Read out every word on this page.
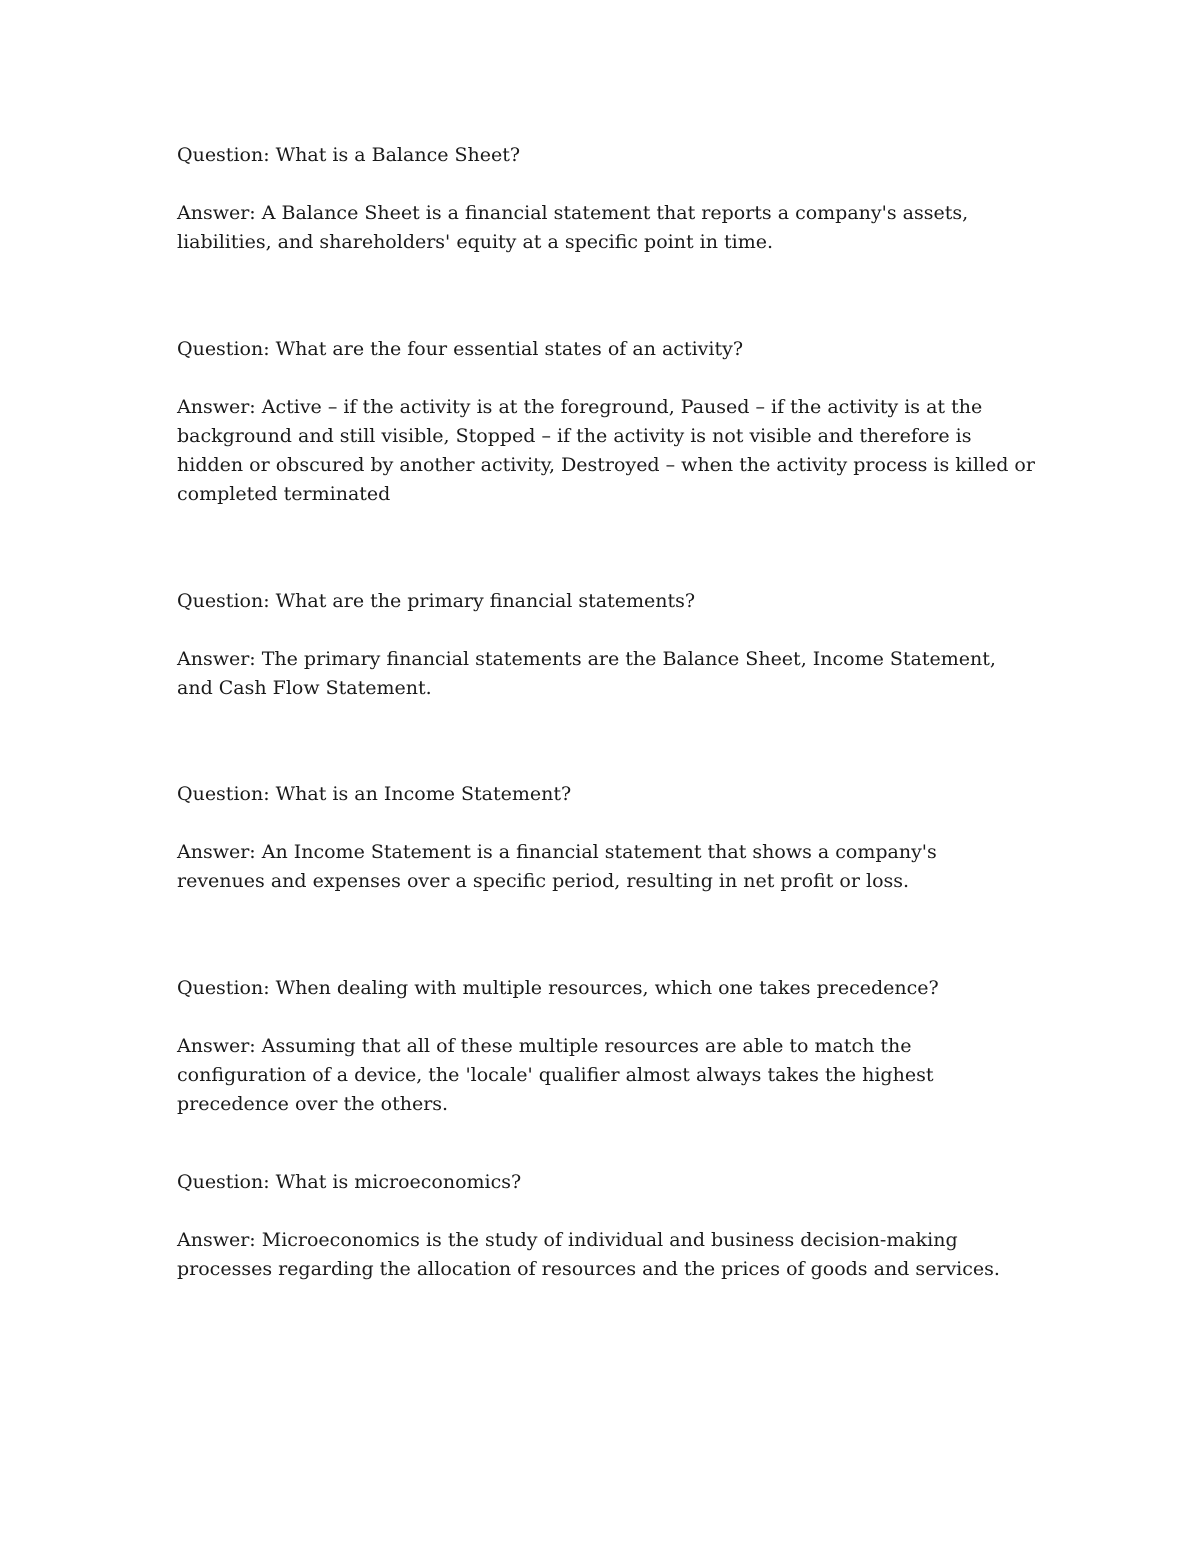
Question: What is a Balance Sheet?

Answer: A Balance Sheet is a financial statement that reports a company's assets, liabilities, and shareholders' equity at a specific point in time.

Question: What are the four essential states of an activity?

Answer: Active – if the activity is at the foreground, Paused – if the activity is at the background and still visible, Stopped – if the activity is not visible and therefore is hidden or obscured by another activity, Destroyed – when the activity process is killed or completed terminated

Question: What are the primary financial statements?

Answer: The primary financial statements are the Balance Sheet, Income Statement, and Cash Flow Statement.

Question: What is an Income Statement?

Answer: An Income Statement is a financial statement that shows a company's revenues and expenses over a specific period, resulting in net profit or loss.

Question: When dealing with multiple resources, which one takes precedence?

Answer: Assuming that all of these multiple resources are able to match the configuration of a device, the 'locale' qualifier almost always takes the highest precedence over the others.

Question: What is microeconomics?

Answer: Microeconomics is the study of individual and business decision-making processes regarding the allocation of resources and the prices of goods and services.
